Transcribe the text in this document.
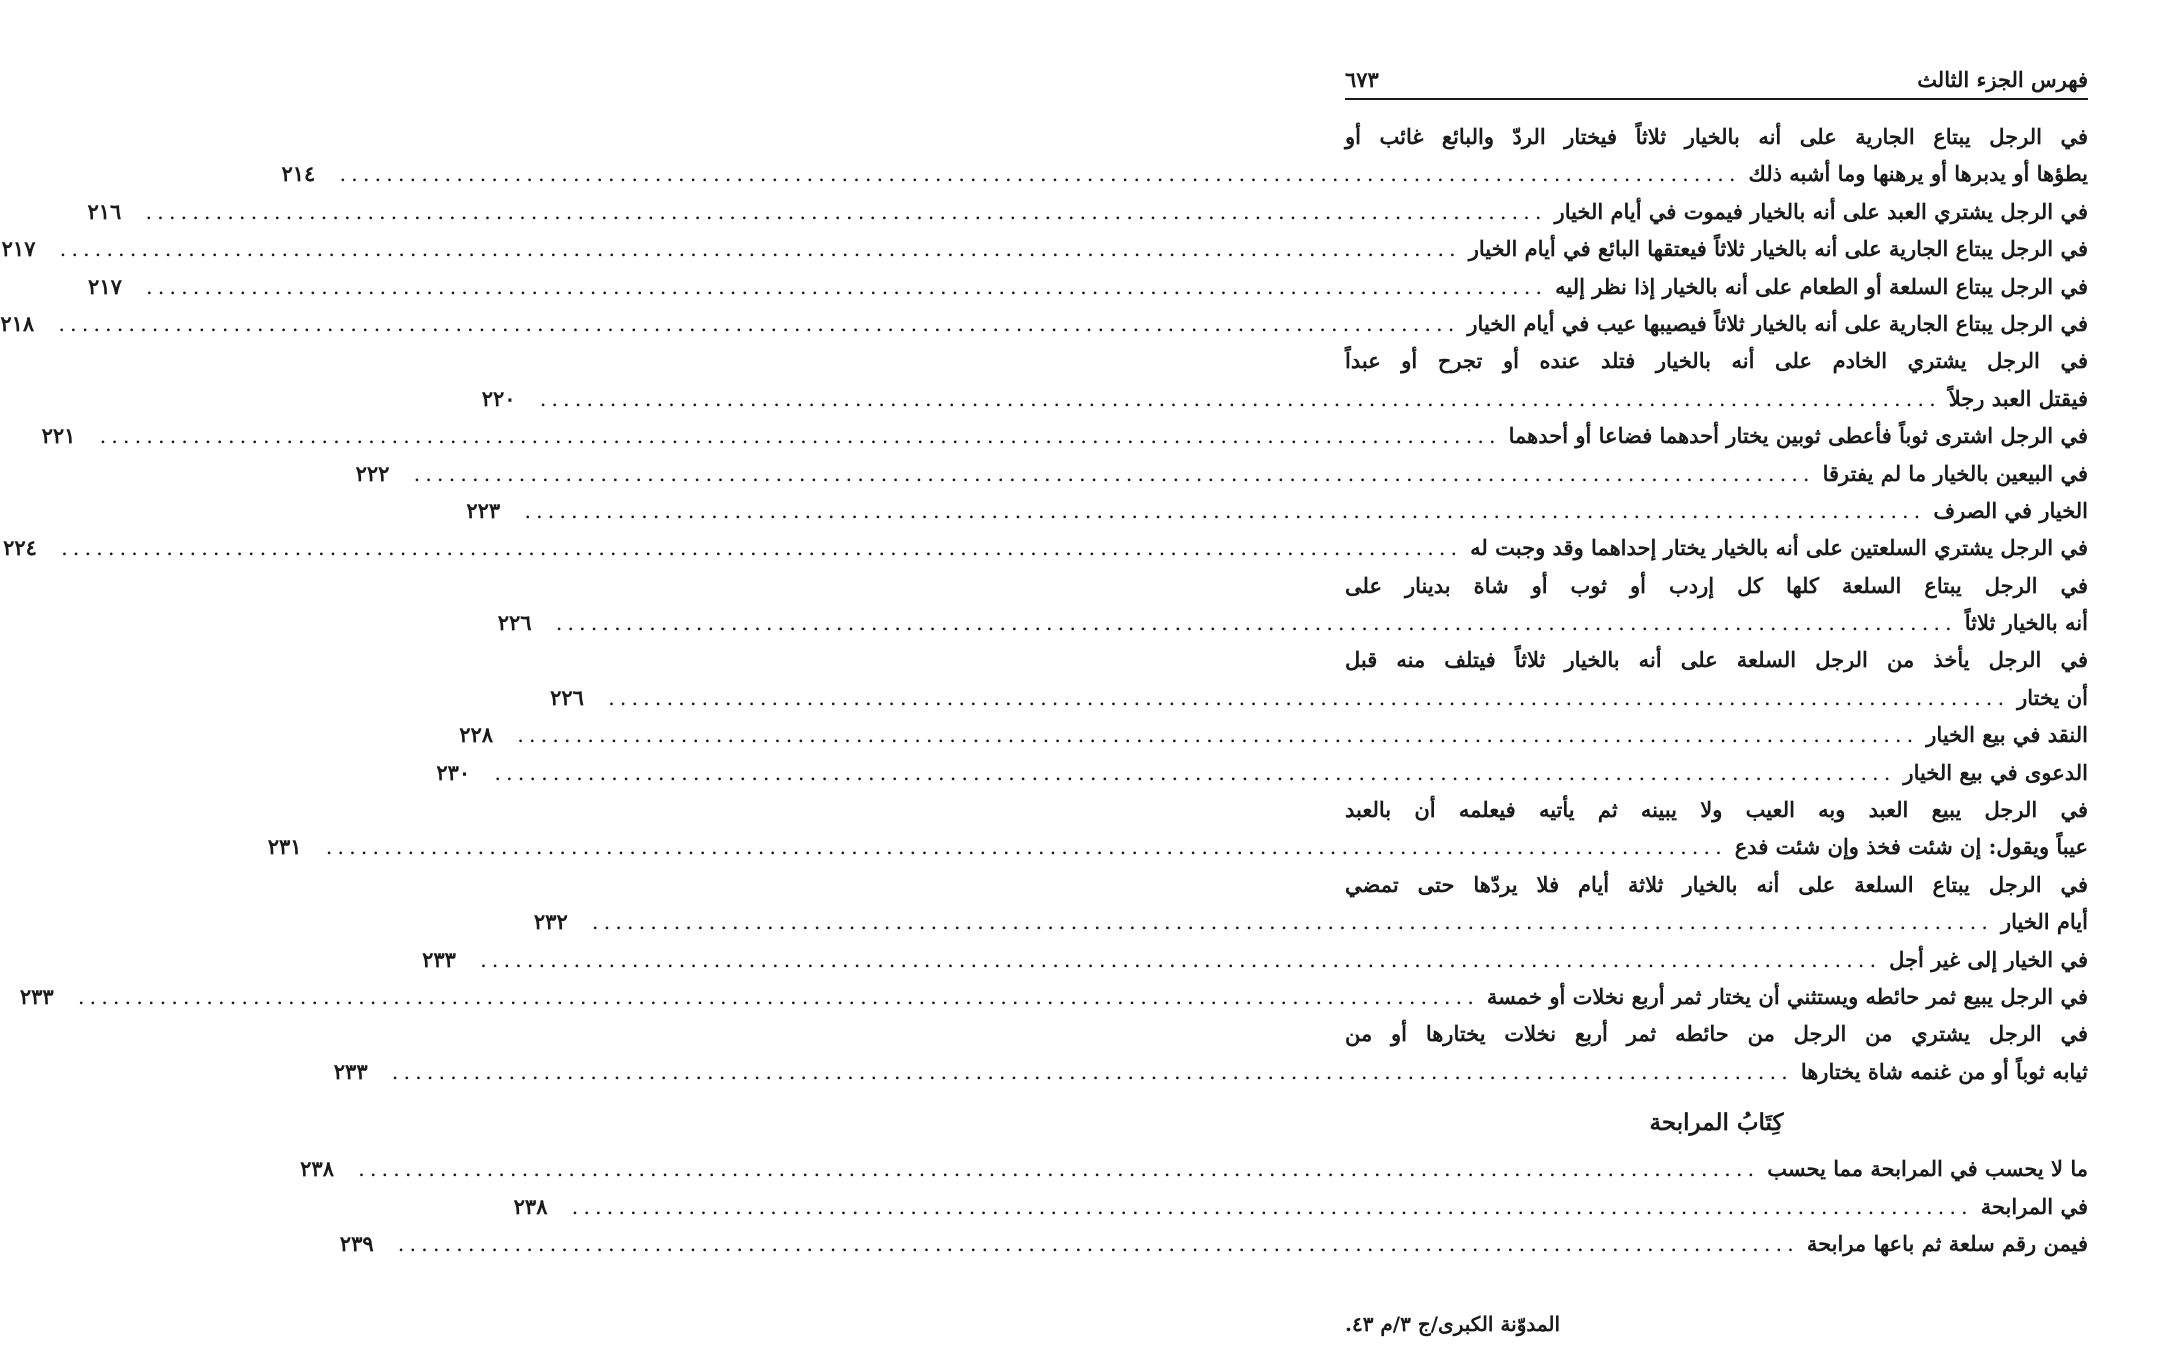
فهرس الجزء الثالث
٦٧٣
في الرجل يبتاع الجارية على أنه بالخيار ثلاثاً فيختار الردّ والبائع غائب أو
يطؤها أو يدبرها أو يرهنها وما أشبه ذلك
........................................................................................................................
٢١٤
في الرجل يشتري العبد على أنه بالخيار فيموت في أيام الخيار
........................................................................................................................
٢١٦
في الرجل يبتاع الجارية على أنه بالخيار ثلاثاً فيعتقها البائع في أيام الخيار
........................................................................................................................
٢١٧
في الرجل يبتاع السلعة أو الطعام على أنه بالخيار إذا نظر إليه
........................................................................................................................
٢١٧
في الرجل يبتاع الجارية على أنه بالخيار ثلاثاً فيصيبها عيب في أيام الخيار
........................................................................................................................
٢١٨
في الرجل يشتري الخادم على أنه بالخيار فتلد عنده أو تجرح أو عبداً
فيقتل العبد رجلاً
........................................................................................................................
٢٢٠
في الرجل اشترى ثوباً فأعطى ثوبين يختار أحدهما فضاعا أو أحدهما
........................................................................................................................
٢٢١
في البيعين بالخيار ما لم يفترقا
........................................................................................................................
٢٢٢
الخيار في الصرف
........................................................................................................................
٢٢٣
في الرجل يشتري السلعتين على أنه بالخيار يختار إحداهما وقد وجبت له
........................................................................................................................
٢٢٤
في الرجل يبتاع السلعة كلها كل إردب أو ثوب أو شاة بدينار على
أنه بالخيار ثلاثاً
........................................................................................................................
٢٢٦
في الرجل يأخذ من الرجل السلعة على أنه بالخيار ثلاثاً فيتلف منه قبل
أن يختار
........................................................................................................................
٢٢٦
النقد في بيع الخيار
........................................................................................................................
٢٢٨
الدعوى في بيع الخيار
........................................................................................................................
٢٣٠
في الرجل يبيع العبد وبه العيب ولا يبينه ثم يأتيه فيعلمه أن بالعبد
عيباً ويقول: إن شئت فخذ وإن شئت فدع
........................................................................................................................
٢٣١
في الرجل يبتاع السلعة على أنه بالخيار ثلاثة أيام فلا يردّها حتى تمضي
أيام الخيار
........................................................................................................................
٢٣٢
في الخيار إلى غير أجل
........................................................................................................................
٢٣٣
في الرجل يبيع ثمر حائطه ويستثني أن يختار ثمر أربع نخلات أو خمسة
........................................................................................................................
٢٣٣
في الرجل يشتري من الرجل من حائطه ثمر أربع نخلات يختارها أو من
ثيابه ثوباً أو من غنمه شاة يختارها
........................................................................................................................
٢٣٣
كِتَابُ المرابحة
ما لا يحسب في المرابحة مما يحسب
........................................................................................................................
٢٣٨
في المرابحة
........................................................................................................................
٢٣٨
فيمن رقم سلعة ثم باعها مرابحة
........................................................................................................................
٢٣٩
المدوّنة الكبرى/ج ٣/م ٤٣.
